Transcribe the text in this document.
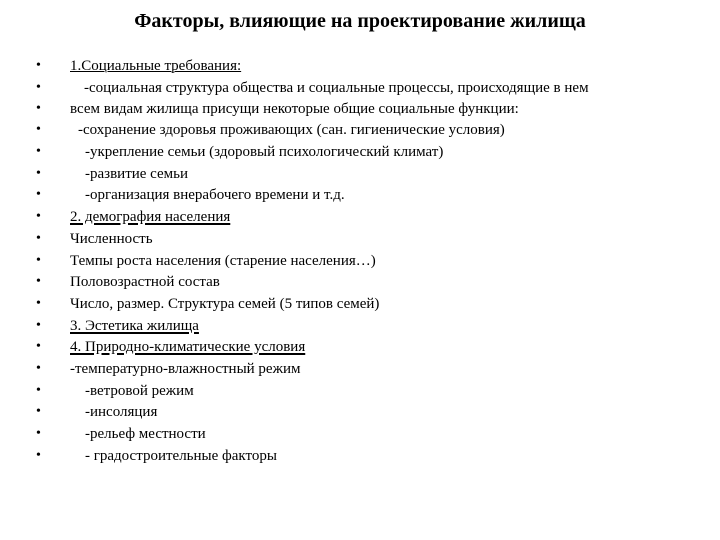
Факторы, влияющие на проектирование жилища
• 1.Социальные требования:
•	-социальная структура общества и социальные процессы, происходящие в нем
• всем видам жилища присущи некоторые общие социальные функции:
• -сохранение здоровья проживающих (сан. гигиенические условия)
•	-укрепление семьи (здоровый психологический климат)
•	-развитие семьи
•	-организация внерабочего времени и т.д.
• 2. демография населения
• Численность
• Темпы роста населения (старение населения…)
• Половозрастной состав
• Число, размер. Структура семей (5 типов семей)
• 3. Эстетика жилища
• 4. Природно-климатические условия
• -температурно-влажностный режим
•	-ветровой режим
•	-инсоляция
•	-рельеф местности
•	- градостроительные факторы
